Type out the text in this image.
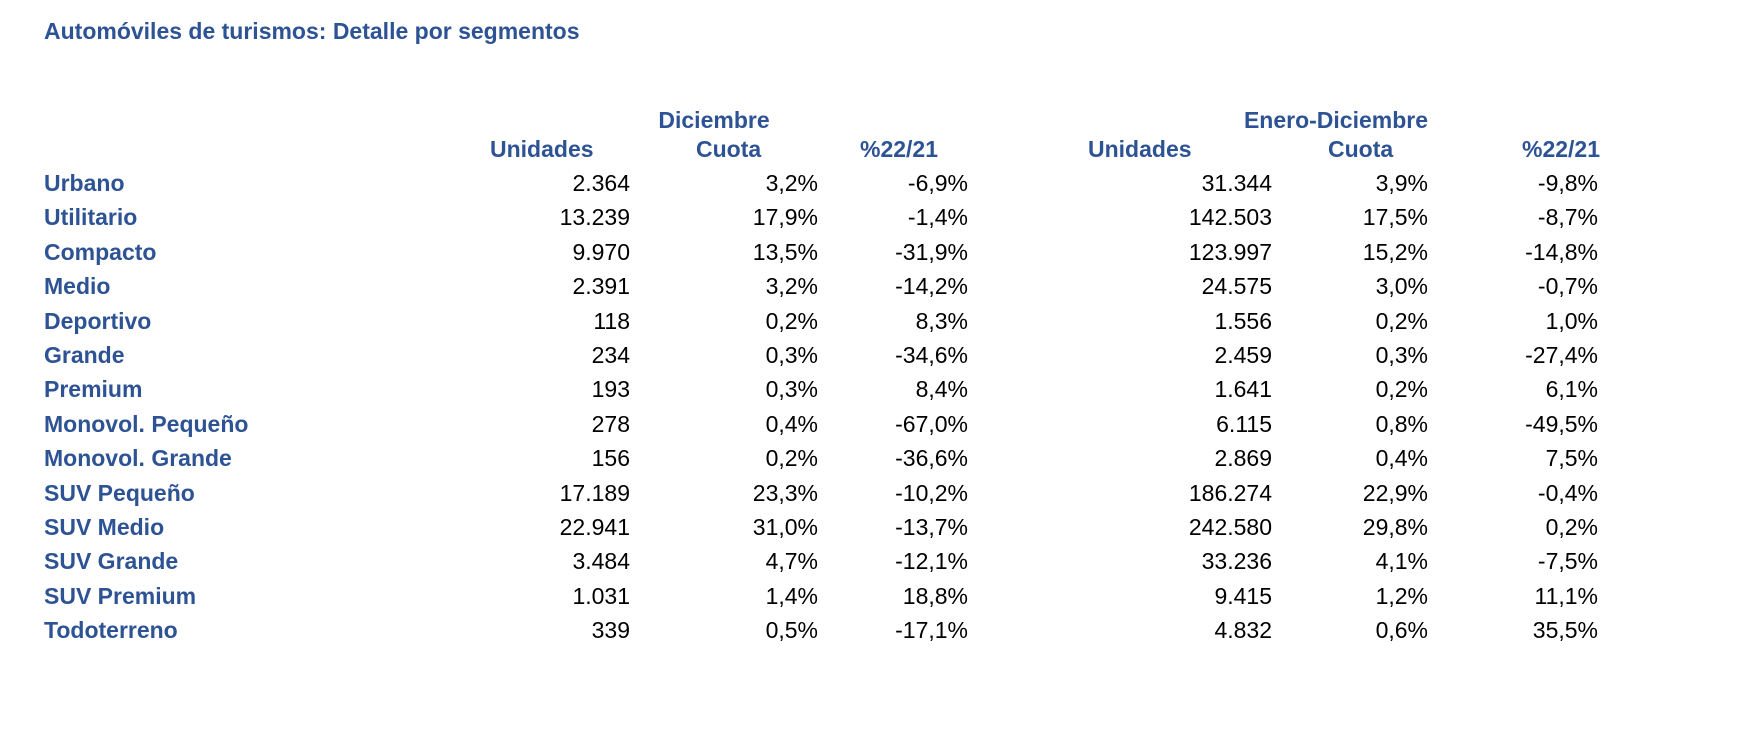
Automóviles de turismos: Detalle por segmentos
Diciembre	Enero-Diciembre
Unidades	Cuota	%22/21	Unidades	Cuota	%22/21
Urbano	2.364	3,2%	-6,9%	31.344	3,9%	-9,8%
Utilitario	13.239	17,9%	-1,4%	142.503	17,5%	-8,7%
Compacto	9.970	13,5%	-31,9%	123.997	15,2%	-14,8%
Medio	2.391	3,2%	-14,2%	24.575	3,0%	-0,7%
Deportivo	118	0,2%	8,3%	1.556	0,2%	1,0%
Grande	234	0,3%	-34,6%	2.459	0,3%	-27,4%
Premium	193	0,3%	8,4%	1.641	0,2%	6,1%
Monovol. Pequeño	278	0,4%	-67,0%	6.115	0,8%	-49,5%
Monovol. Grande	156	0,2%	-36,6%	2.869	0,4%	7,5%
SUV Pequeño	17.189	23,3%	-10,2%	186.274	22,9%	-0,4%
SUV Medio	22.941	31,0%	-13,7%	242.580	29,8%	0,2%
SUV Grande	3.484	4,7%	-12,1%	33.236	4,1%	-7,5%
SUV Premium	1.031	1,4%	18,8%	9.415	1,2%	11,1%
Todoterreno	339	0,5%	-17,1%	4.832	0,6%	35,5%
